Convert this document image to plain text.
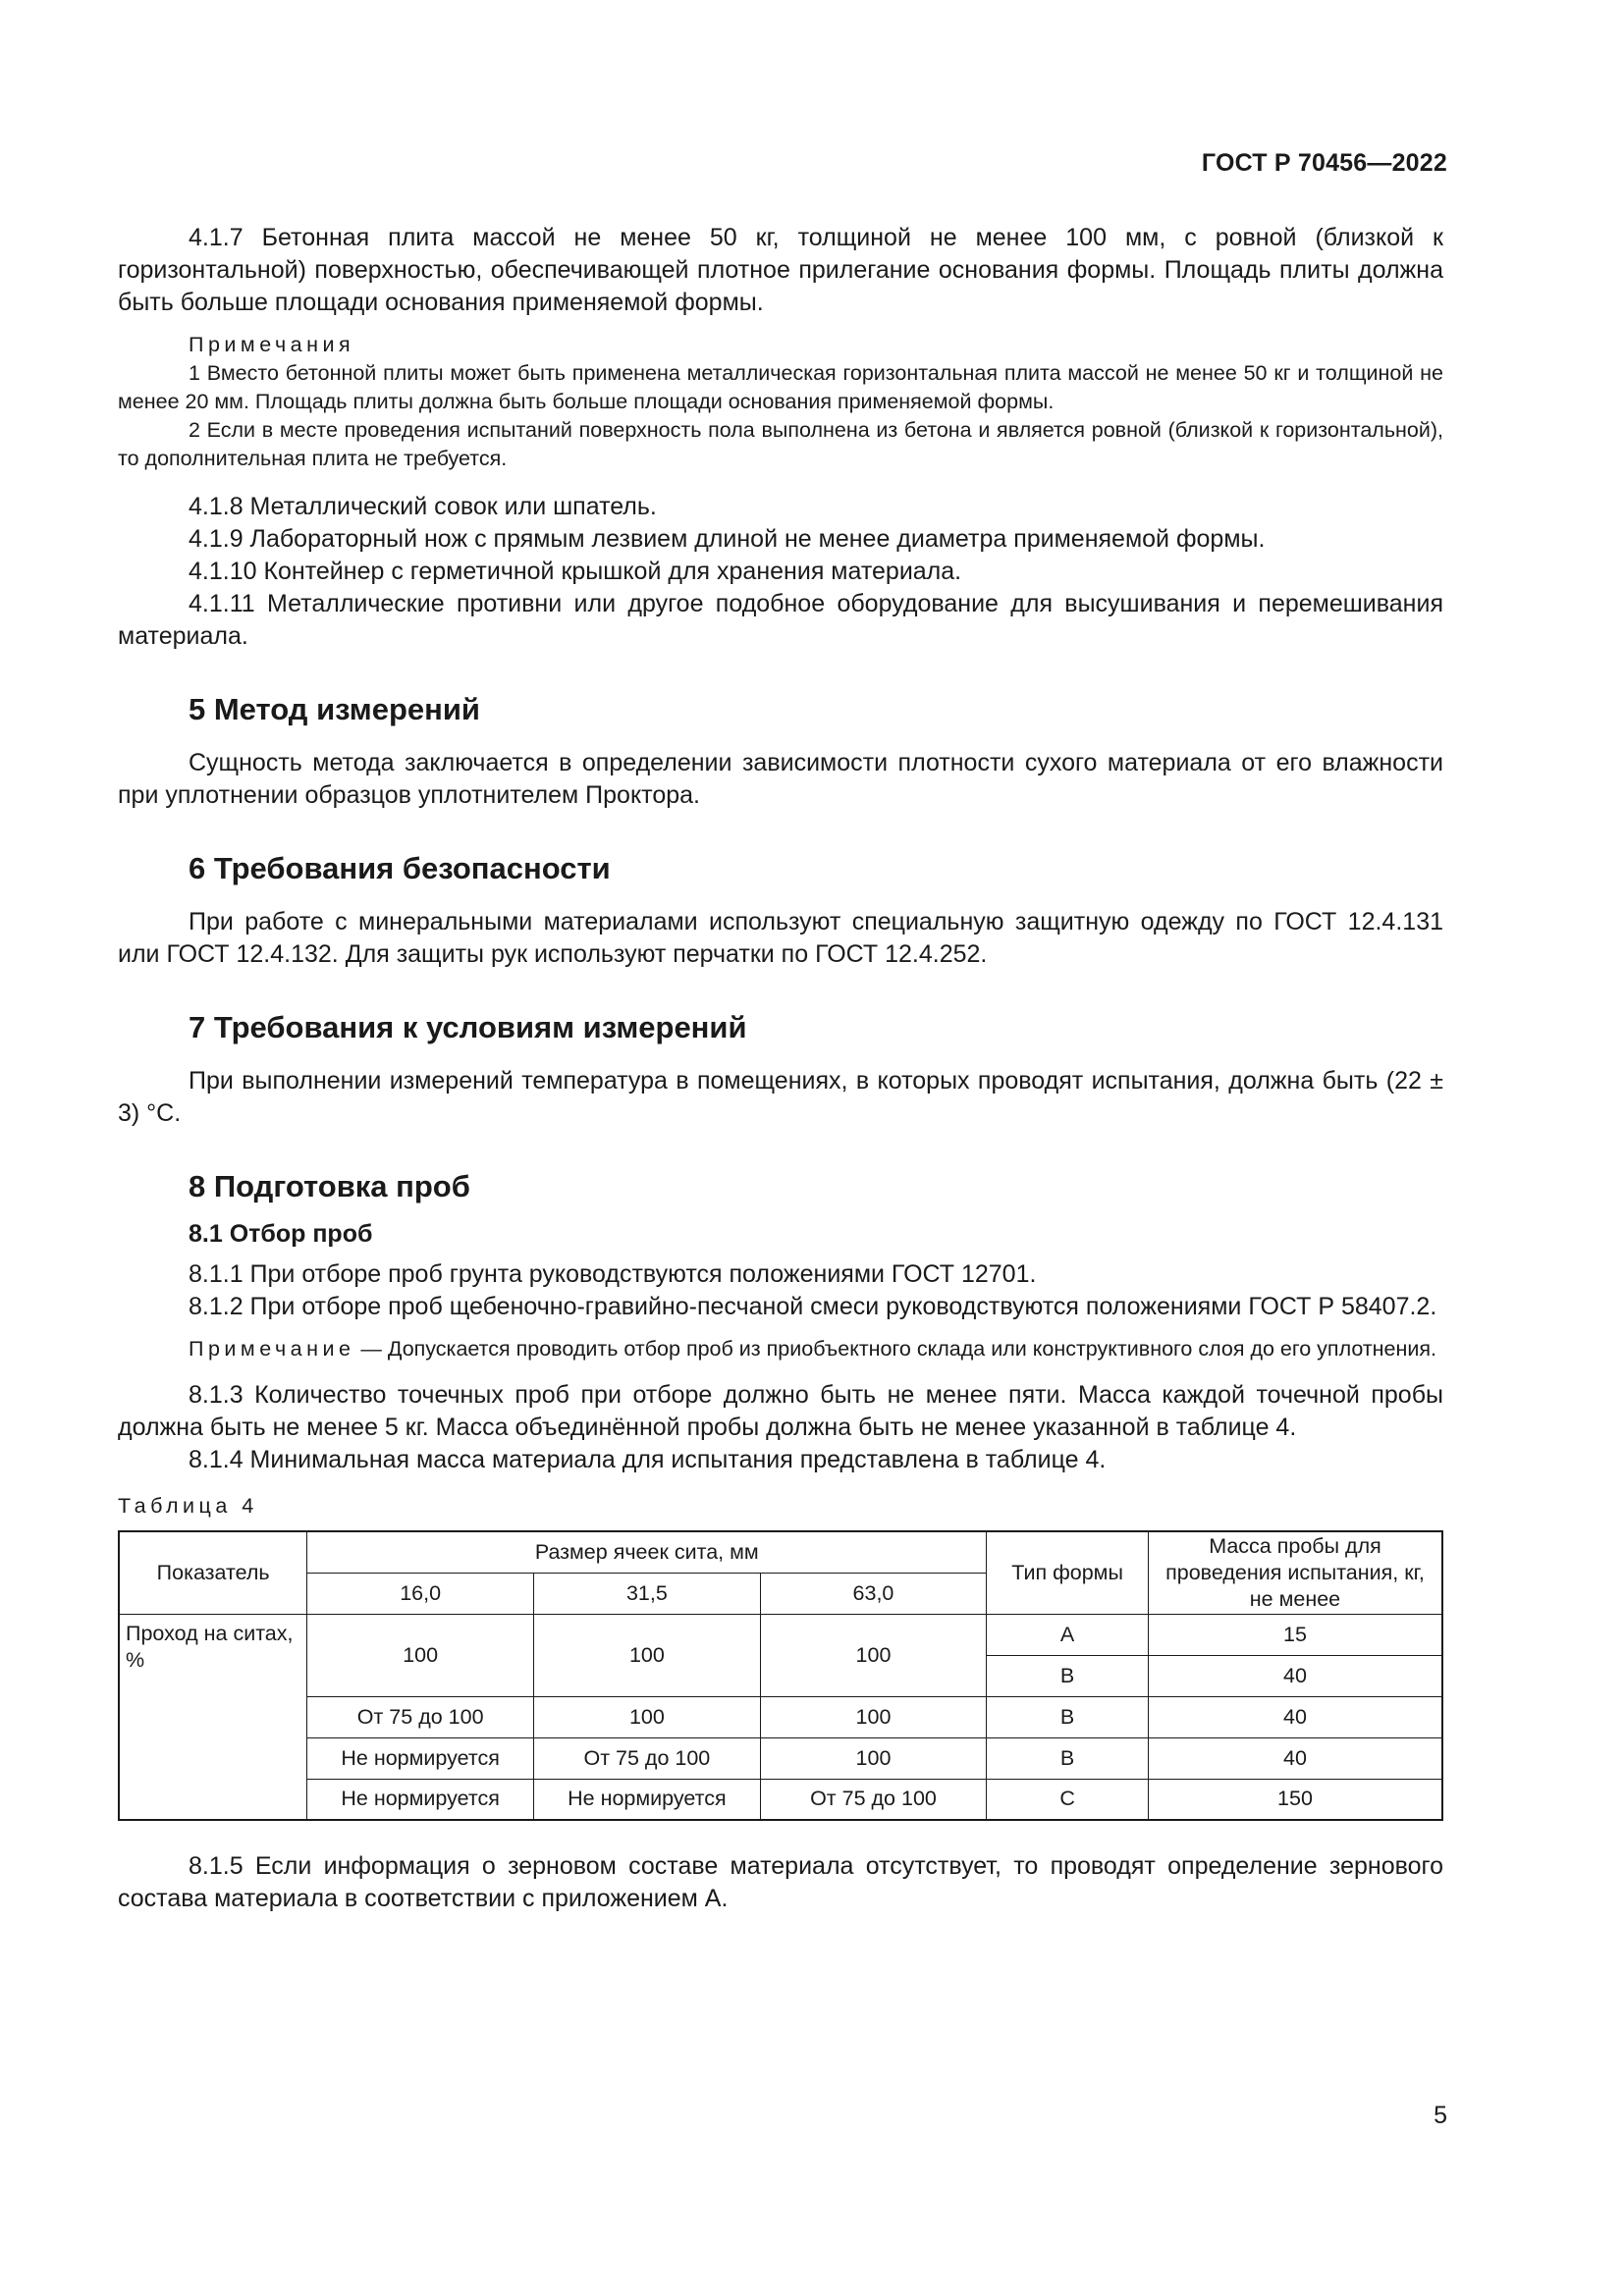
ГОСТ Р 70456—2022

4.1.7 Бетонная плита массой не менее 50 кг, толщиной не менее 100 мм, с ровной (близкой к горизонтальной) поверхностью, обеспечивающей плотное прилегание основания формы. Площадь плиты должна быть больше площади основания применяемой формы.

Примечания
1 Вместо бетонной плиты может быть применена металлическая горизонтальная плита массой не менее 50 кг и толщиной не менее 20 мм. Площадь плиты должна быть больше площади основания применяемой формы.
2 Если в месте проведения испытаний поверхность пола выполнена из бетона и является ровной (близкой к горизонтальной), то дополнительная плита не требуется.

4.1.8 Металлический совок или шпатель.

4.1.9 Лабораторный нож с прямым лезвием длиной не менее диаметра применяемой формы.

4.1.10 Контейнер с герметичной крышкой для хранения материала.

4.1.11 Металлические противни или другое подобное оборудование для высушивания и перемешивания материала.

5 Метод измерений

Сущность метода заключается в определении зависимости плотности сухого материала от его влажности при уплотнении образцов уплотнителем Проктора.

6 Требования безопасности

При работе с минеральными материалами используют специальную защитную одежду по ГОСТ 12.4.131 или ГОСТ 12.4.132. Для защиты рук используют перчатки по ГОСТ 12.4.252.

7 Требования к условиям измерений

При выполнении измерений температура в помещениях, в которых проводят испытания, должна быть (22 ± 3) °С.

8 Подготовка проб
8.1 Отбор проб

8.1.1 При отборе проб грунта руководствуются положениями ГОСТ 12701.

8.1.2 При отборе проб щебеночно-гравийно-песчаной смеси руководствуются положениями ГОСТ Р 58407.2.

Примечание — Допускается проводить отбор проб из приобъектного склада или конструктивного слоя до его уплотнения.

8.1.3 Количество точечных проб при отборе должно быть не менее пяти. Масса каждой точечной пробы должна быть не менее 5 кг. Масса объединённой пробы должна быть не менее указанной в таблице 4.

8.1.4 Минимальная масса материала для испытания представлена в таблице 4.

Таблица 4
Показатель	Размер ячеек сита, мм			Тип формы	Масса пробы для проведения испытания, кг, не менее
	16,0	31,5	63,0		
Проход на ситах, %	100	100	100	A	15
				B	40
	От 75 до 100	100	100	B	40
	Не нормируется	От 75 до 100	100	B	40
	Не нормируется	Не нормируется	От 75 до 100	C	150

8.1.5 Если информация о зерновом составе материала отсутствует, то проводят определение зернового состава материала в соответствии с приложением А.

5
